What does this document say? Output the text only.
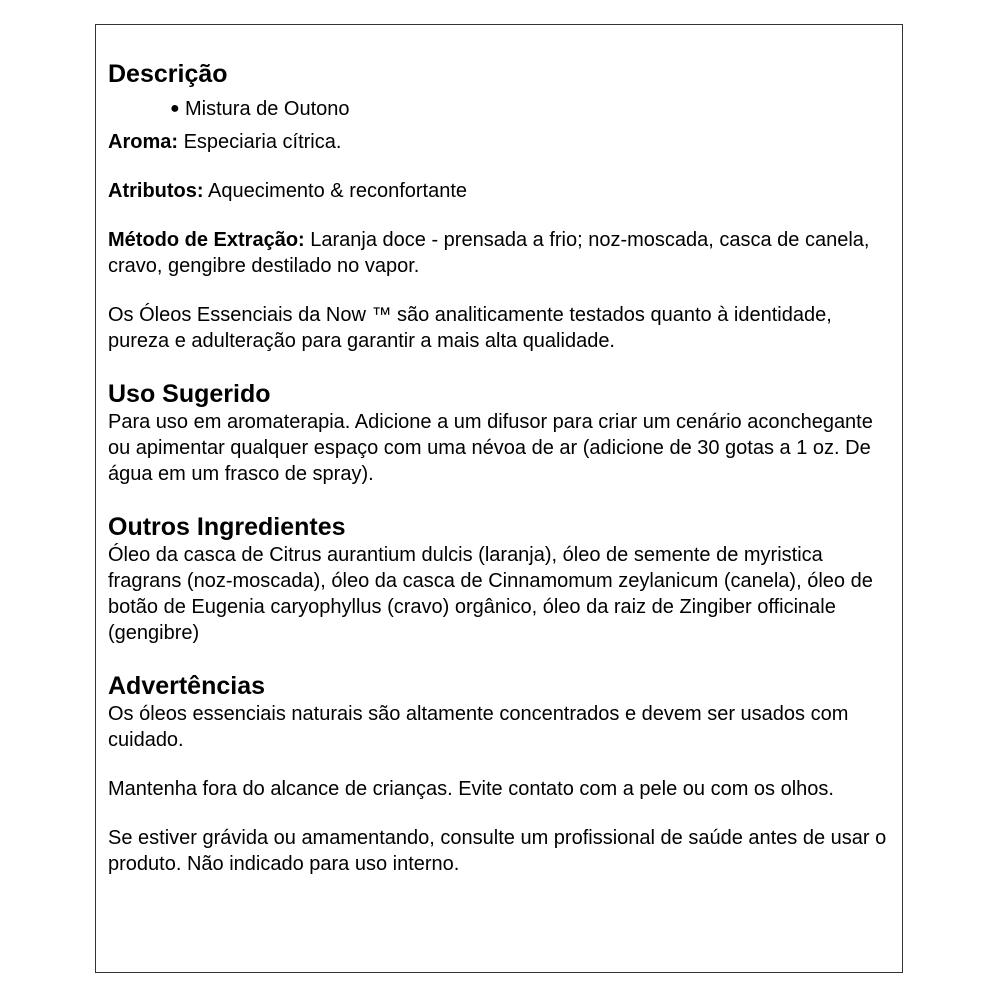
Descrição
● Mistura de Outono

Aroma: Especiaria cítrica.

Atributos: Aquecimento & reconfortante

Método de Extração: Laranja doce - prensada a frio; noz-moscada, casca de canela, cravo, gengibre destilado no vapor.

Os Óleos Essenciais da Now ™ são analiticamente testados quanto à identidade, pureza e adulteração para garantir a mais alta qualidade.

Uso Sugerido

Para uso em aromaterapia. Adicione a um difusor para criar um cenário aconchegante ou apimentar qualquer espaço com uma névoa de ar (adicione de 30 gotas a 1 oz. De água em um frasco de spray).

Outros Ingredientes

Óleo da casca de Citrus aurantium dulcis (laranja), óleo de semente de myristica fragrans (noz-moscada), óleo da casca de Cinnamomum zeylanicum (canela), óleo de botão de Eugenia caryophyllus (cravo) orgânico, óleo da raiz de Zingiber officinale (gengibre)

Advertências

Os óleos essenciais naturais são altamente concentrados e devem ser usados com cuidado.

Mantenha fora do alcance de crianças. Evite contato com a pele ou com os olhos.

Se estiver grávida ou amamentando, consulte um profissional de saúde antes de usar o produto. Não indicado para uso interno.
